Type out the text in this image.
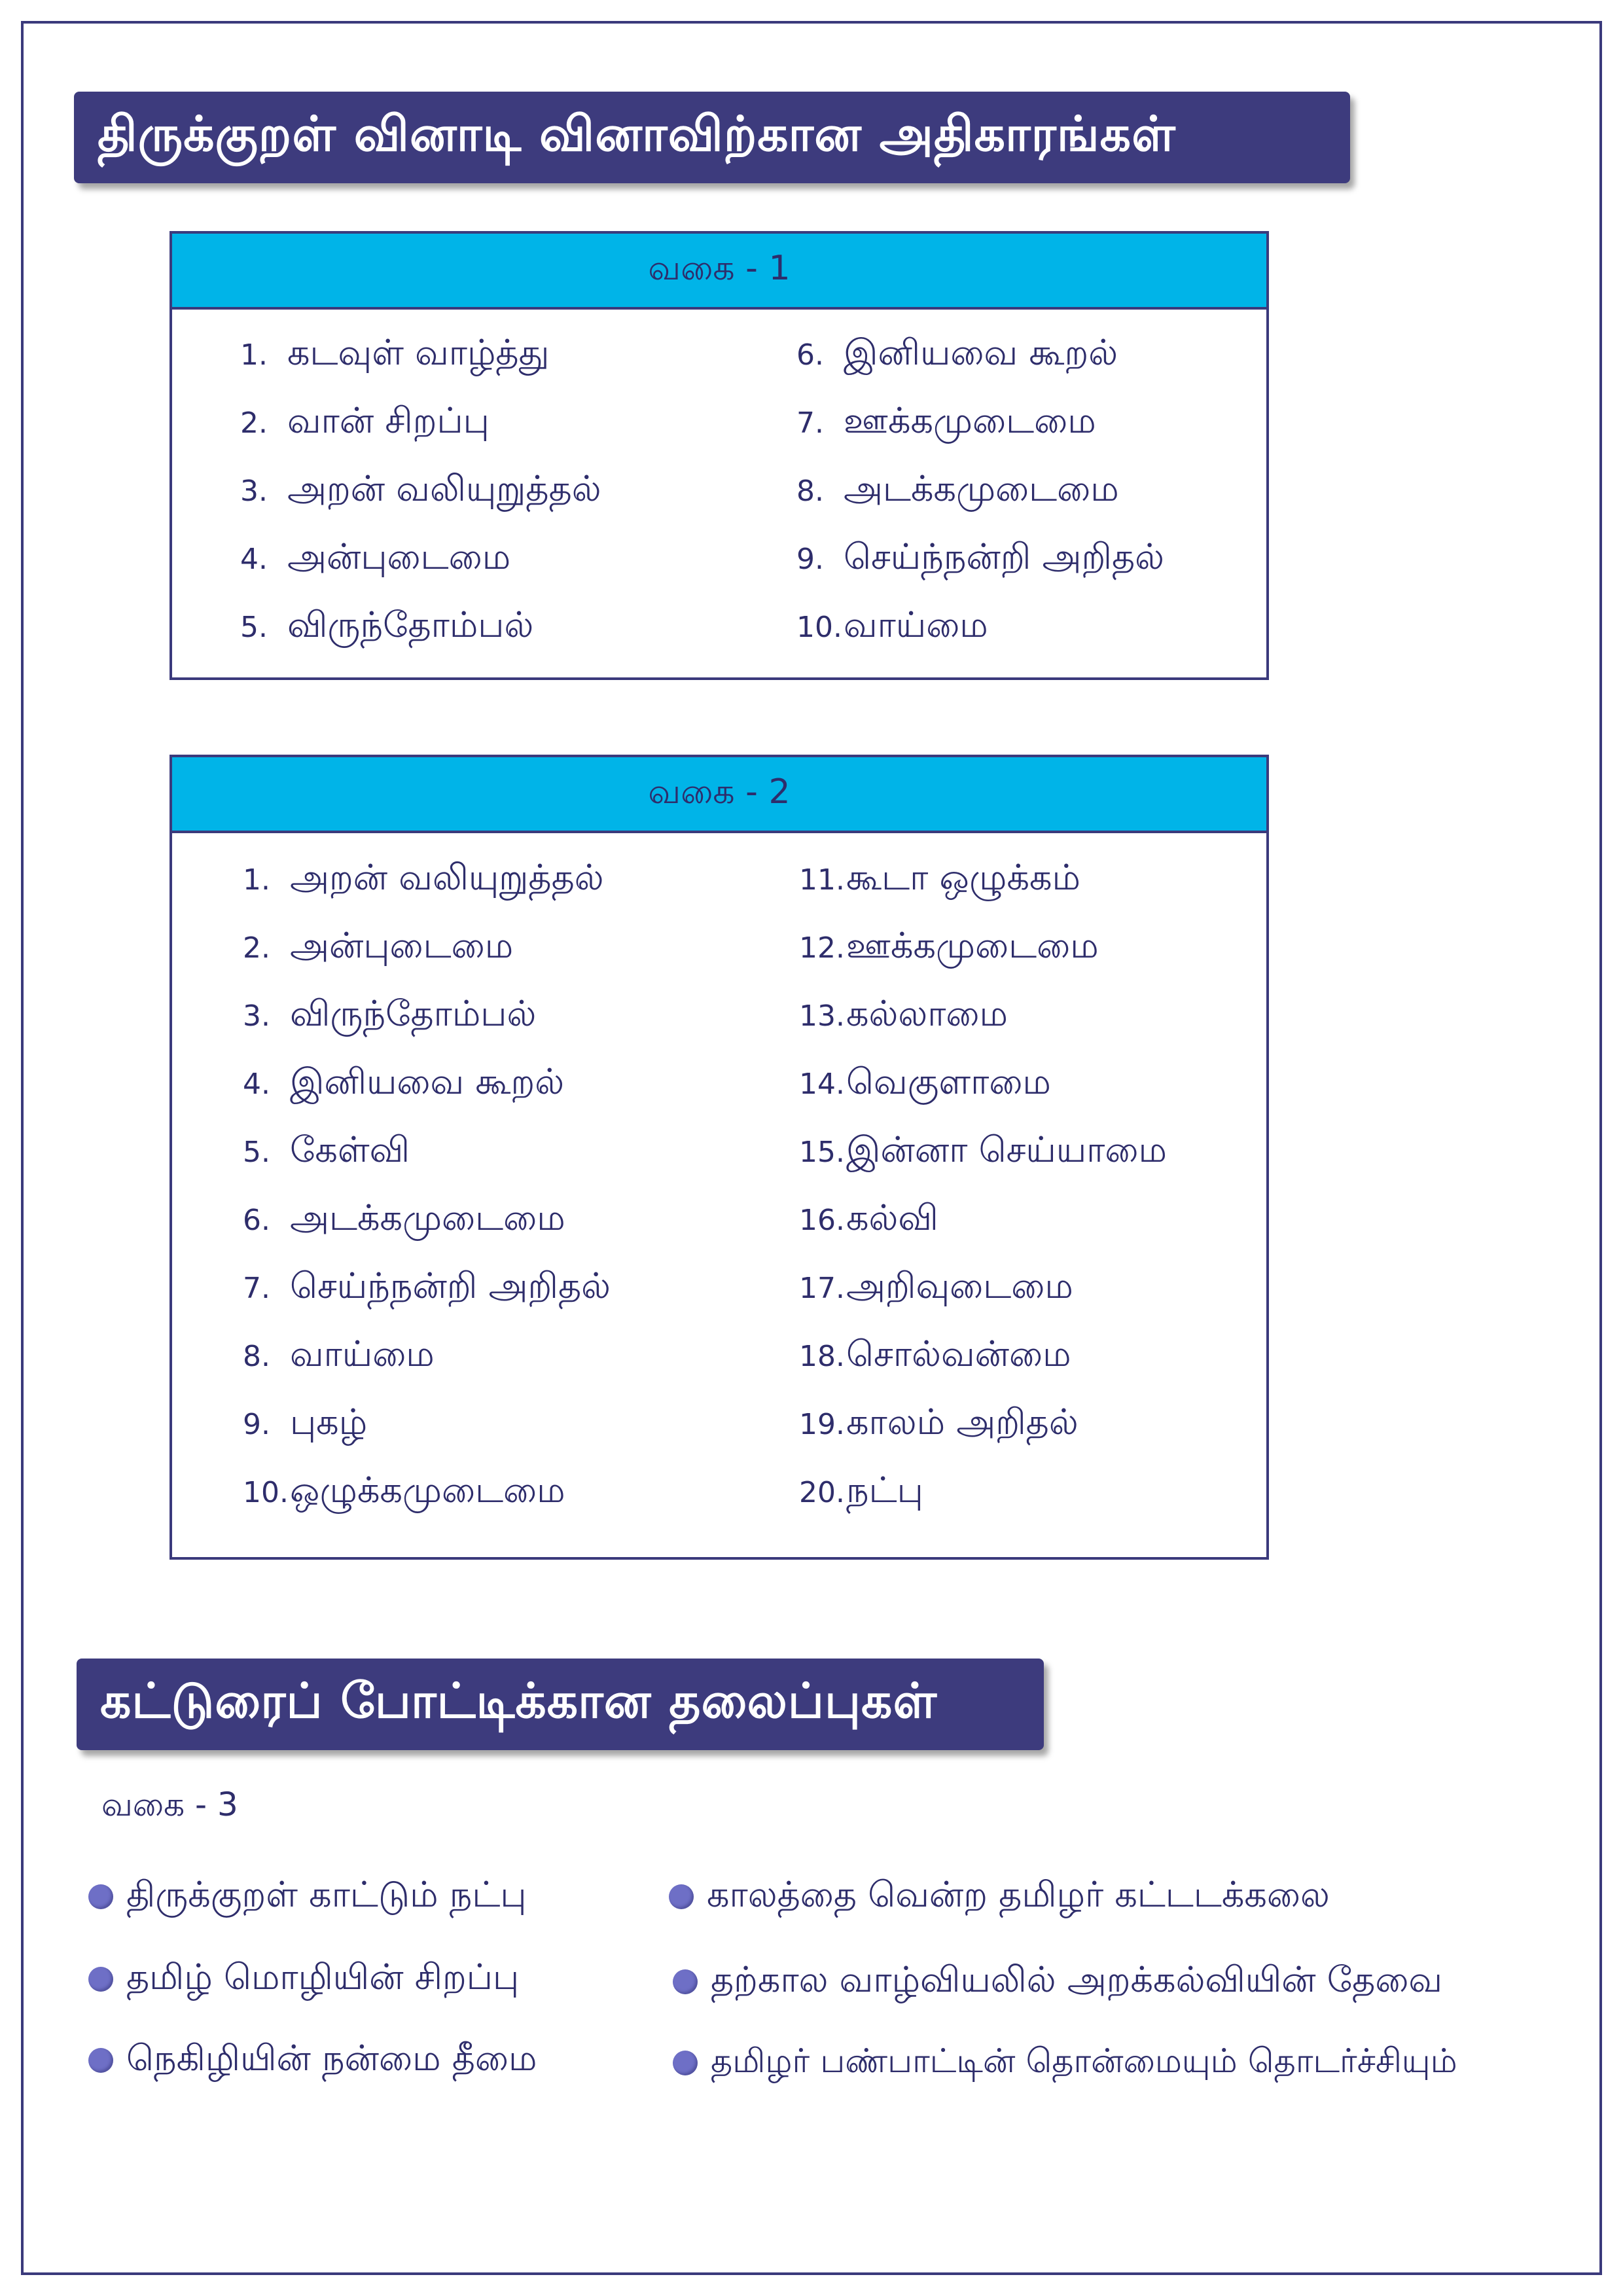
திருக்குறள் வினாடி வினாவிற்கான அதிகாரங்கள்
வகை - 1
1. கடவுள் வாழ்த்து
2. வான் சிறப்பு
3. அறன் வலியுறுத்தல்
4. அன்புடைமை
5. விருந்தோம்பல்
6. இனியவை கூறல்
7. ஊக்கமுடைமை
8. அடக்கமுடைமை
9. செய்ந்நன்றி அறிதல்
10. வாய்மை
வகை - 2
1. அறன் வலியுறுத்தல்
2. அன்புடைமை
3. விருந்தோம்பல்
4. இனியவை கூறல்
5. கேள்வி
6. அடக்கமுடைமை
7. செய்ந்நன்றி அறிதல்
8. வாய்மை
9. புகழ்
10. ஒழுக்கமுடைமை
11. கூடா ஒழுக்கம்
12. ஊக்கமுடைமை
13. கல்லாமை
14. வெகுளாமை
15. இன்னா செய்யாமை
16. கல்வி
17. அறிவுடைமை
18. சொல்வன்மை
19. காலம் அறிதல்
20. நட்பு
கட்டுரைப் போட்டிக்கான தலைப்புகள்
வகை - 3
திருக்குறள் காட்டும் நட்பு
தமிழ் மொழியின் சிறப்பு
நெகிழியின் நன்மை தீமை
காலத்தை வென்ற தமிழர் கட்டடக்கலை
தற்கால வாழ்வியலில் அறக்கல்வியின் தேவை
தமிழர் பண்பாட்டின் தொன்மையும் தொடர்ச்சியும்
